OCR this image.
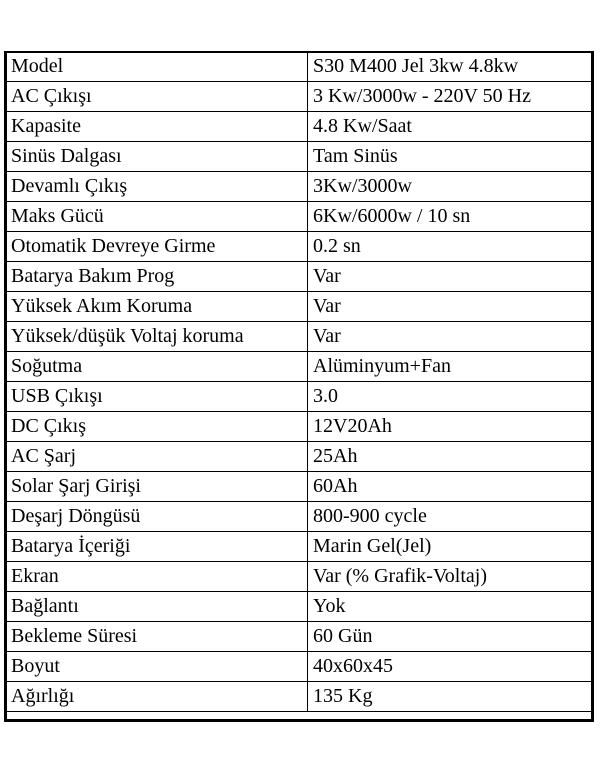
Model	S30 M400 Jel 3kw 4.8kw
AC Çıkışı	3 Kw/3000w - 220V 50 Hz
Kapasite	4.8 Kw/Saat
Sinüs Dalgası	Tam Sinüs
Devamlı Çıkış	3Kw/3000w
Maks Gücü	6Kw/6000w / 10 sn
Otomatik Devreye Girme	0.2 sn
Batarya Bakım Prog	Var
Yüksek Akım Koruma	Var
Yüksek/düşük Voltaj koruma	Var
Soğutma	Alüminyum+Fan
USB Çıkışı	3.0
DC Çıkış	12V20Ah
AC Şarj	25Ah
Solar Şarj Girişi	60Ah
Deşarj Döngüsü	800-900 cycle
Batarya İçeriği	Marin Gel(Jel)
Ekran	Var (% Grafik-Voltaj)
Bağlantı	Yok
Bekleme Süresi	60 Gün
Boyut	40x60x45
Ağırlığı	135 Kg
